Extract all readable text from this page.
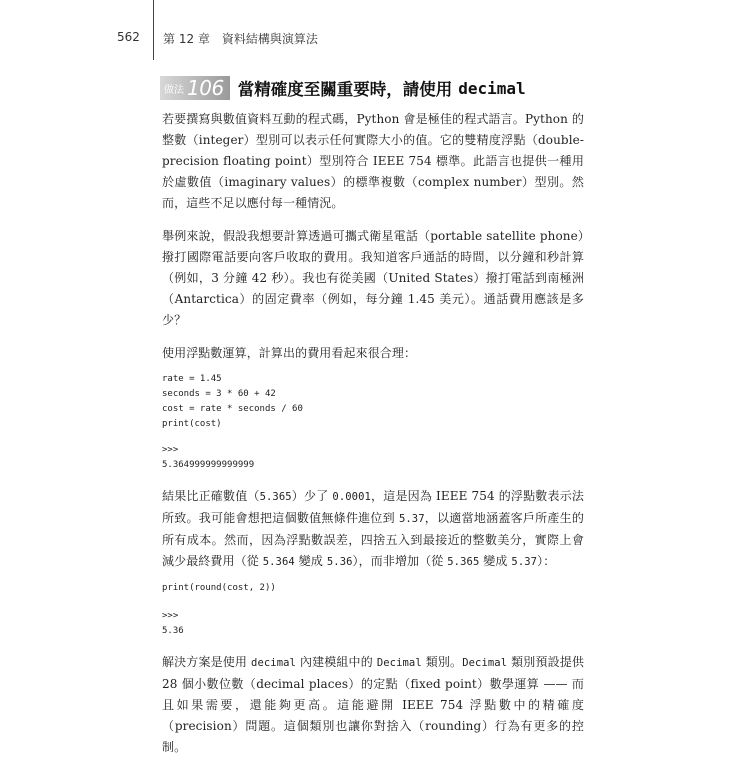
562 第 12 章　資料結構與演算法
做法 106 當精確度至關重要時，請使用 decimal

若要撰寫與數值資料互動的程式碼，Python 會是極佳的程式語言。Python 的整數（integer）型別可以表示任何實際大小的值。它的雙精度浮點（double-precision floating point）型別符合 IEEE 754 標準。此語言也提供一種用於虛數值（imaginary values）的標準複數（complex number）型別。然而，這些不足以應付每一種情況。

舉例來說，假設我想要計算透過可攜式衛星電話（portable satellite phone）撥打國際電話要向客戶收取的費用。我知道客戶通話的時間，以分鐘和秒計算（例如，3 分鐘 42 秒）。我也有從美國（United States）撥打電話到南極洲（Antarctica）的固定費率（例如，每分鐘 1.45 美元）。通話費用應該是多少？

使用浮點數運算，計算出的費用看起來很合理：

rate = 1.45
seconds = 3 * 60 + 42
cost = rate * seconds / 60
print(cost)
>>>
5.364999999999999

結果比正確數值（5.365）少了 0.0001，這是因為 IEEE 754 的浮點數表示法所致。我可能會想把這個數值無條件進位到 5.37，以適當地涵蓋客戶所產生的所有成本。然而，因為浮點數誤差，四捨五入到最接近的整數美分，實際上會減少最終費用（從 5.364 變成 5.36），而非增加（從 5.365 變成 5.37）：

print(round(cost, 2))
>>>
5.36

解決方案是使用 decimal 內建模組中的 Decimal 類別。Decimal 類別預設提供 28 個小數位數（decimal places）的定點（fixed point）數學運算 —— 而且如果需要，還能夠更高。這能避開 IEEE 754 浮點數中的精確度（precision）問題。這個類別也讓你對捨入（rounding）行為有更多的控制。
